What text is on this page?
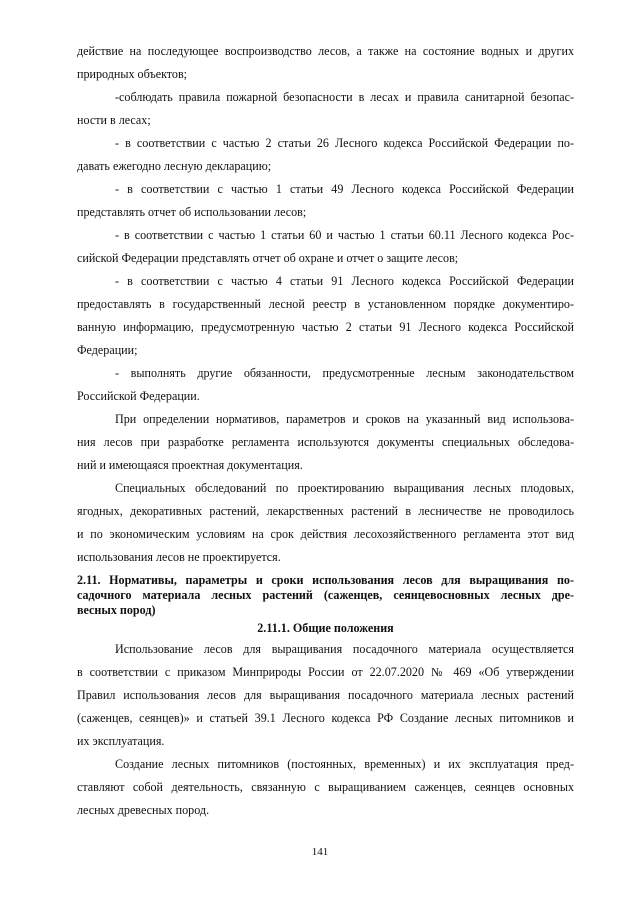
действие на последующее воспроизводство лесов, а также на состояние водных и других
природных объектов;
-соблюдать правила пожарной безопасности в лесах и правила санитарной безопас-
ности в лесах;
- в соответствии с частью 2 статьи 26 Лесного кодекса Российской Федерации по-
давать ежегодно лесную декларацию;
- в соответствии с частью 1 статьи 49 Лесного кодекса Российской Федерации
представлять отчет об использовании лесов;
- в соответствии с частью 1 статьи 60 и частью 1 статьи 60.11 Лесного кодекса Рос-
сийской Федерации представлять отчет об охране и отчет о защите лесов;
- в соответствии с частью 4 статьи 91 Лесного кодекса Российской Федерации
предоставлять в государственный лесной реестр в установленном порядке документиро-
ванную информацию, предусмотренную частью 2 статьи 91 Лесного кодекса Российской
Федерации;
- выполнять другие обязанности, предусмотренные лесным законодательством
Российской Федерации.
При определении нормативов, параметров и сроков на указанный вид использова-
ния лесов при разработке регламента используются документы специальных обследова-
ний и имеющаяся проектная документация.
Специальных обследований по проектированию выращивания лесных плодовых,
ягодных, декоративных растений, лекарственных растений в лесничестве не проводилось
и по экономическим условиям на срок действия лесохозяйственного регламента этот вид
использования лесов не проектируется.
2.11. Нормативы, параметры и сроки использования лесов для выращивания по-
садочного материала лесных растений (саженцев, сеянцевосновных лесных дре-
весных пород)
2.11.1. Общие положения
Использование лесов для выращивания посадочного материала осуществляется
в соответствии с приказом Минприроды России от 22.07.2020 № 469 «Об утверждении
Правил использования лесов для выращивания посадочного материала лесных растений
(саженцев, сеянцев)» и статьей 39.1 Лесного кодекса РФ Создание лесных питомников и
их эксплуатация.
Создание лесных питомников (постоянных, временных) и их эксплуатация пред-
ставляют собой деятельность, связанную с выращиванием саженцев, сеянцев основных
лесных древесных пород.
141
